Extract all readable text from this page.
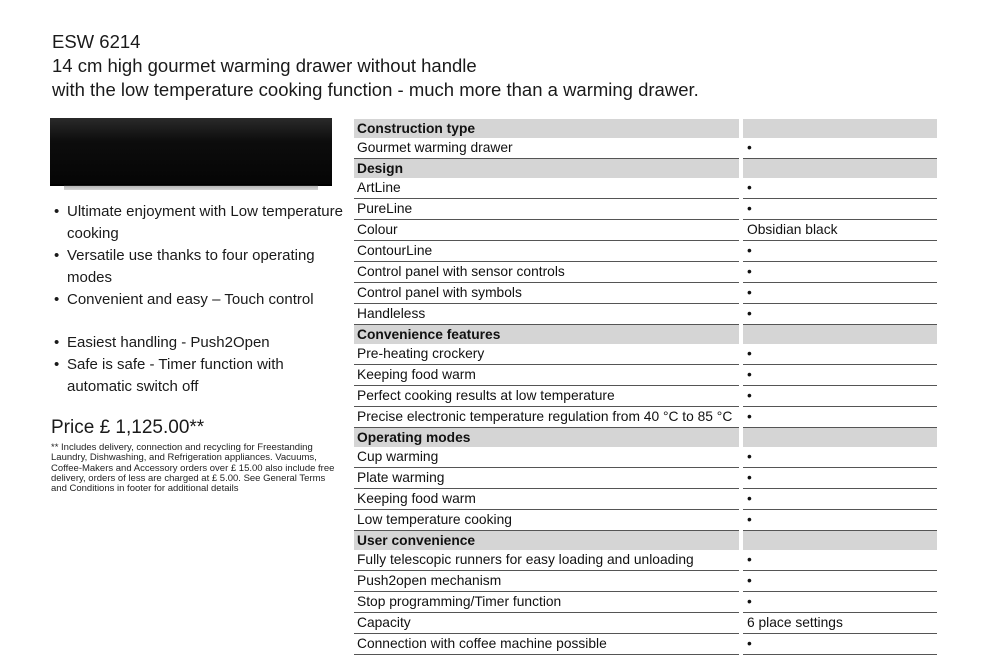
ESW 6214
14 cm high gourmet warming drawer without handle
with the low temperature cooking function - much more than a warming drawer.
• Ultimate enjoyment with Low temperature cooking
• Versatile use thanks to four operating modes
• Convenient and easy – Touch control
• Easiest handling - Push2Open
• Safe is safe - Timer function with automatic switch off
Price £ 1,125.00**
** Includes delivery, connection and recycling for Freestanding Laundry, Dishwashing, and Refrigeration appliances. Vacuums, Coffee-Makers and Accessory orders over £ 15.00 also include free delivery, orders of less are charged at £ 5.00. See General Terms and Conditions in footer for additional details
Construction type		
Gourmet warming drawer		•
Design		
ArtLine		•
PureLine		•
Colour		Obsidian black
ContourLine		•
Control panel with sensor controls		•
Control panel with symbols		•
Handleless		•
Convenience features		
Pre-heating crockery		•
Keeping food warm		•
Perfect cooking results at low temperature		•
Precise electronic temperature regulation from 40 °C to 85 °C		•
Operating modes		
Cup warming		•
Plate warming		•
Keeping food warm		•
Low temperature cooking		•
User convenience		
Fully telescopic runners for easy loading and unloading		•
Push2open mechanism		•
Stop programming/Timer function		•
Capacity		6 place settings
Connection with coffee machine possible		•
